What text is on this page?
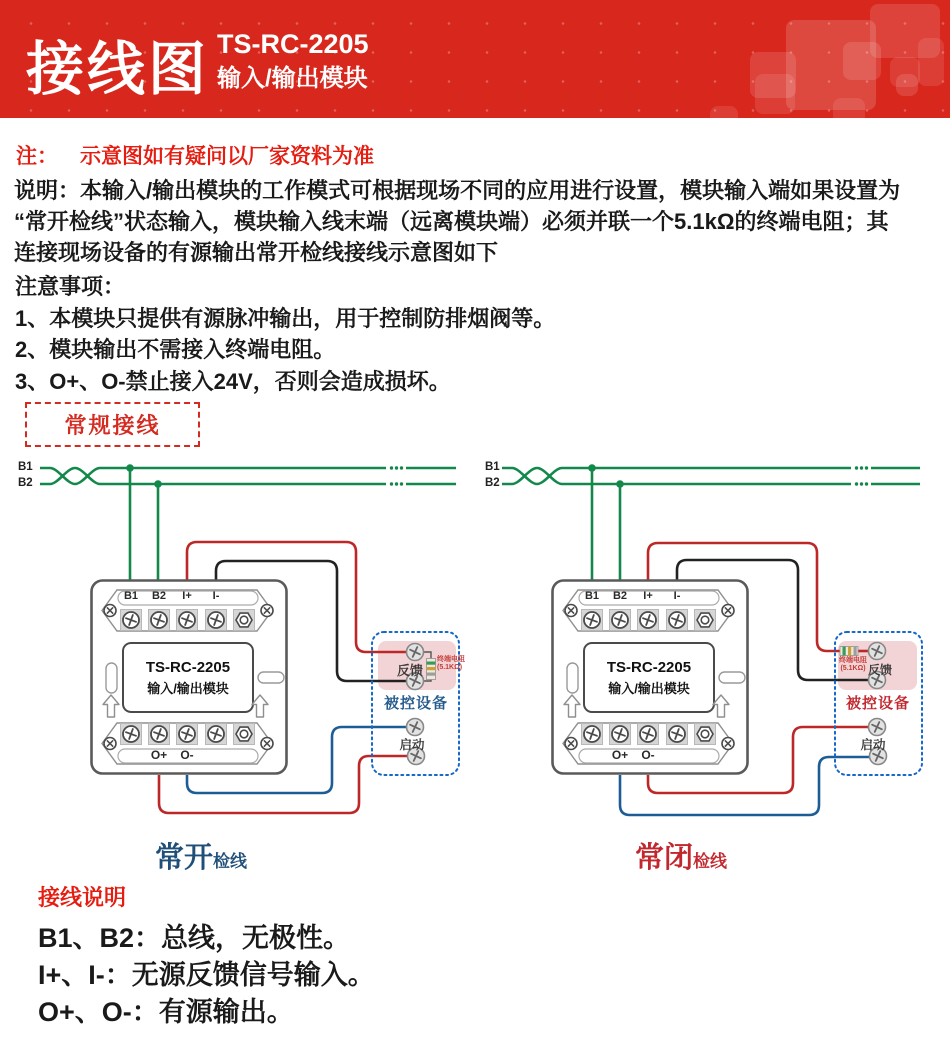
接线图 TS-RC-2205
输入/输出模块
注： 示意图如有疑问以厂家资料为准
说明：本输入/输出模块的工作模式可根据现场不同的应用进行设置，模块输入端如果设置为
“常开检线”状态输入，模块输入线末端（远离模块端）必须并联一个5.1kΩ的终端电阻；其
连接现场设备的有源输出常开检线接线示意图如下
注意事项：
1、本模块只提供有源脉冲输出，用于控制防排烟阀等。
2、模块输出不需接入终端电阻。
3、O+、O-禁止接入24V，否则会造成损坏。
常规接线
B1
B2
B1
B2
B1 B2 I+ I-
O+ O-
TS-RC-2205
输入/输出模块
B1 B2 I+ I-
O+ O-
TS-RC-2205
输入/输出模块
反馈
终端电阻
(5.1KΩ)
被控设备
启动
终端电阻
(5.1KΩ) 反馈
被控设备
启动
常开 检线	常闭 检线
接线说明
B1、B2：总线，无极性。
I+、I-：无源反馈信号输入。
O+、O-：有源输出。
